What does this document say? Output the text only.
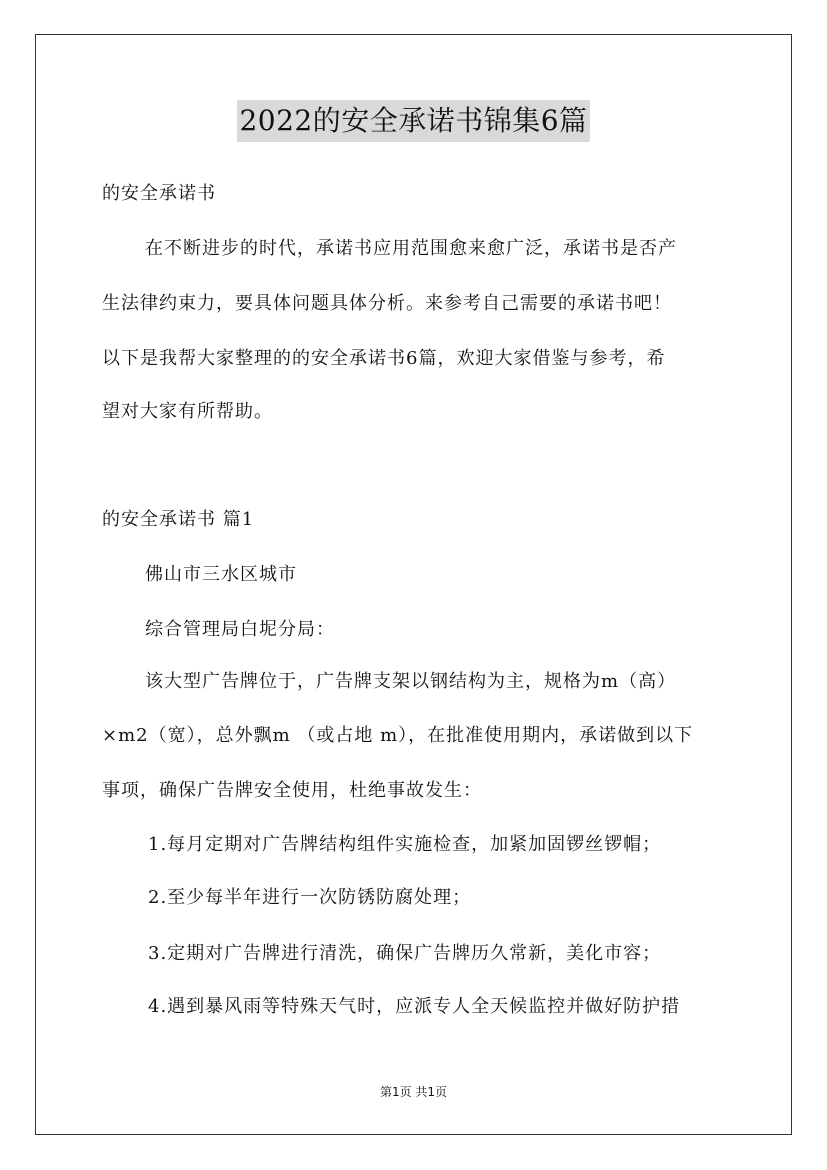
2022的安全承诺书锦集6篇
的安全承诺书
在不断进步的时代，承诺书应用范围愈来愈广泛，承诺书是否产
生法律约束力，要具体问题具体分析。来参考自己需要的承诺书吧！
以下是我帮大家整理的的安全承诺书6篇，欢迎大家借鉴与参考，希
望对大家有所帮助。
的安全承诺书 篇1
佛山市三水区城市
综合管理局白坭分局：
该大型广告牌位于，广告牌支架以钢结构为主，规格为m（高）
×m2（宽），总外飘m （或占地 m），在批准使用期内，承诺做到以下
事项，确保广告牌安全使用，杜绝事故发生：
1.每月定期对广告牌结构组件实施检查，加紧加固锣丝锣帽；
2.至少每半年进行一次防锈防腐处理；
3.定期对广告牌进行清洗，确保广告牌历久常新，美化市容；
4.遇到暴风雨等特殊天气时，应派专人全天候监控并做好防护措
第1页 共1页
